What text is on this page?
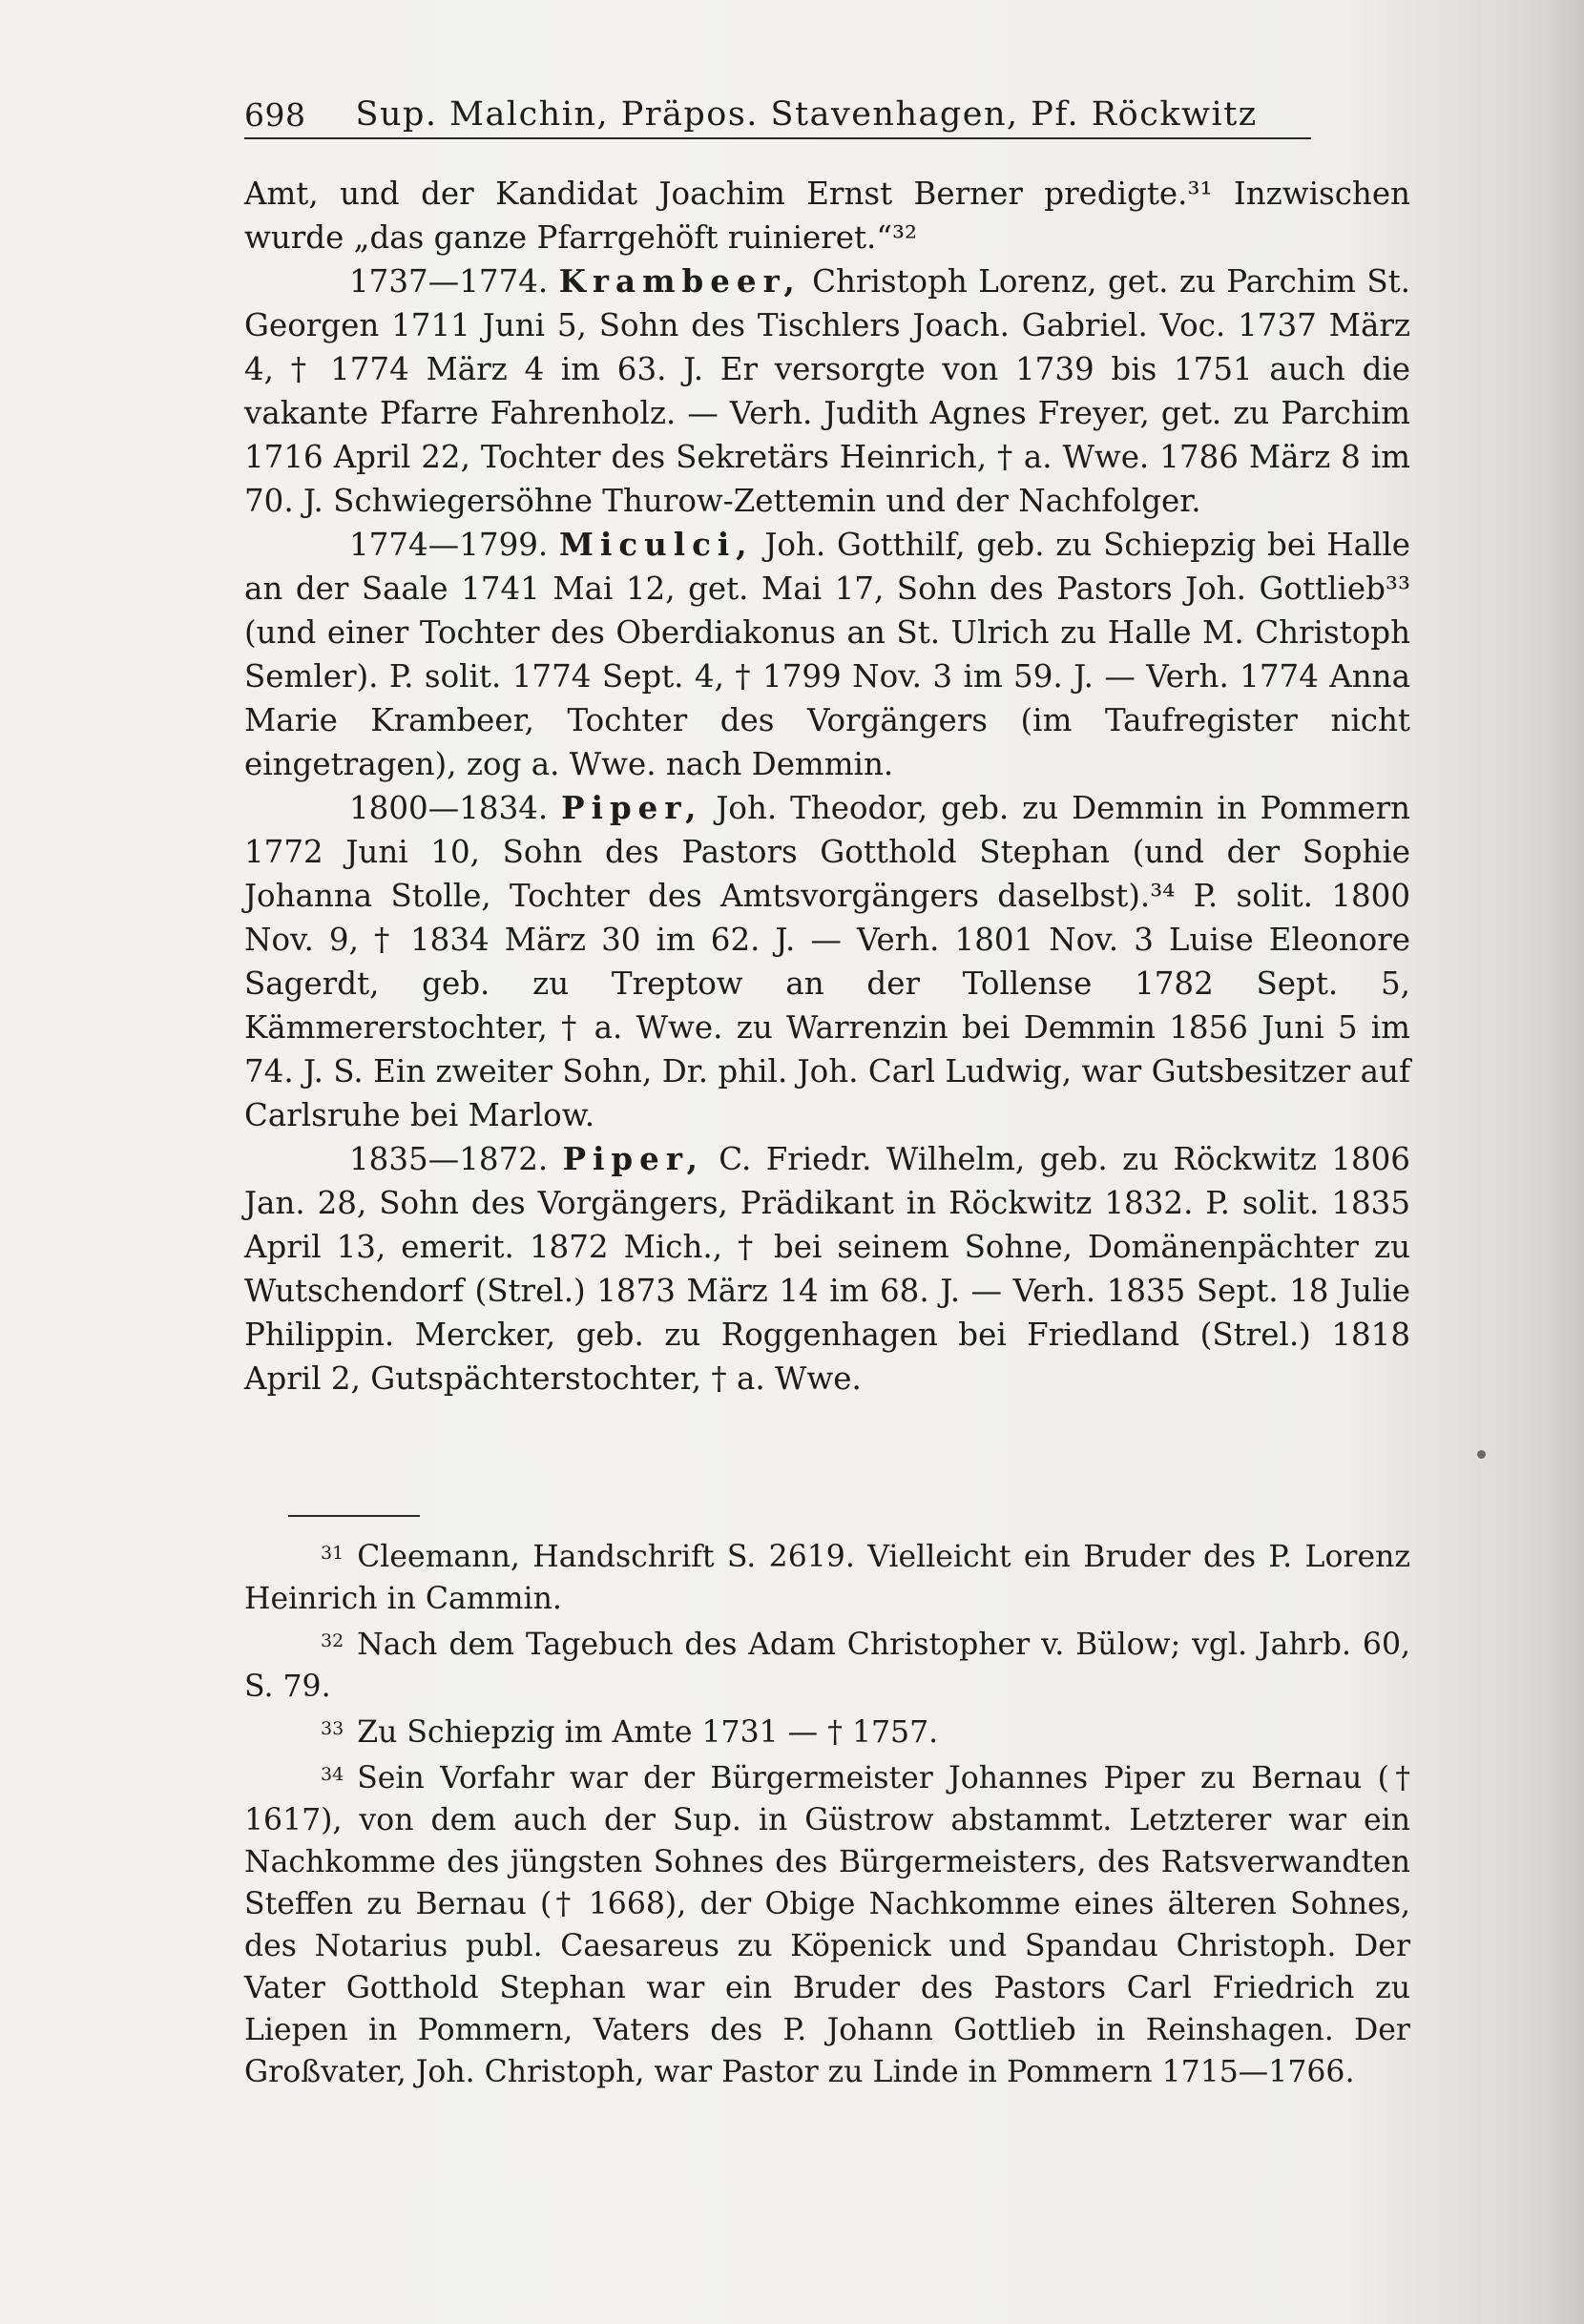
698 Sup. Malchin, Präpos. Stavenhagen, Pf. Röckwitz

Amt, und der Kandidat Joachim Ernst Berner predigte.³¹ Inzwischen wurde „das ganze Pfarrgehöft ruinieret.“³²

1737—1774. Krambeer, Christoph Lorenz, get. zu Parchim St. Georgen 1711 Juni 5, Sohn des Tischlers Joach. Gabriel. Voc. 1737 März 4, † 1774 März 4 im 63. J. Er versorgte von 1739 bis 1751 auch die vakante Pfarre Fahrenholz. — Verh. Judith Agnes Freyer, get. zu Parchim 1716 April 22, Tochter des Sekretärs Heinrich, † a. Wwe. 1786 März 8 im 70. J. Schwiegersöhne Thurow-Zettemin und der Nachfolger.

1774—1799. Miculci, Joh. Gotthilf, geb. zu Schiepzig bei Halle an der Saale 1741 Mai 12, get. Mai 17, Sohn des Pastors Joh. Gottlieb³³ (und einer Tochter des Oberdiakonus an St. Ulrich zu Halle M. Christoph Semler). P. solit. 1774 Sept. 4, † 1799 Nov. 3 im 59. J. — Verh. 1774 Anna Marie Krambeer, Tochter des Vorgängers (im Taufregister nicht eingetragen), zog a. Wwe. nach Demmin.

1800—1834. Piper, Joh. Theodor, geb. zu Demmin in Pommern 1772 Juni 10, Sohn des Pastors Gotthold Stephan (und der Sophie Johanna Stolle, Tochter des Amtsvorgängers daselbst).³⁴ P. solit. 1800 Nov. 9, † 1834 März 30 im 62. J. — Verh. 1801 Nov. 3 Luise Eleonore Sagerdt, geb. zu Treptow an der Tollense 1782 Sept. 5, Kämmererstochter, † a. Wwe. zu Warrenzin bei Demmin 1856 Juni 5 im 74. J. S. Ein zweiter Sohn, Dr. phil. Joh. Carl Ludwig, war Gutsbesitzer auf Carlsruhe bei Marlow.

1835—1872. Piper, C. Friedr. Wilhelm, geb. zu Röckwitz 1806 Jan. 28, Sohn des Vorgängers, Prädikant in Röckwitz 1832. P. solit. 1835 April 13, emerit. 1872 Mich., † bei seinem Sohne, Domänenpächter zu Wutschendorf (Strel.) 1873 März 14 im 68. J. — Verh. 1835 Sept. 18 Julie Philippin. Mercker, geb. zu Roggenhagen bei Friedland (Strel.) 1818 April 2, Gutspächterstochter, † a. Wwe.

$^{31}$ Cleemann, Handschrift S. 2619. Vielleicht ein Bruder des P. Lorenz Heinrich in Cammin.

$^{32}$ Nach dem Tagebuch des Adam Christopher v. Bülow; vgl. Jahrb. 60, S. 79.

$^{33}$ Zu Schiepzig im Amte 1731 — † 1757.

$^{34}$ Sein Vorfahr war der Bürgermeister Johannes Piper zu Bernau († 1617), von dem auch der Sup. in Güstrow abstammt. Letzterer war ein Nachkomme des jüngsten Sohnes des Bürgermeisters, des Ratsverwandten Steffen zu Bernau († 1668), der Obige Nachkomme eines älteren Sohnes, des Notarius publ. Caesareus zu Köpenick und Spandau Christoph. Der Vater Gotthold Stephan war ein Bruder des Pastors Carl Friedrich zu Liepen in Pommern, Vaters des P. Johann Gottlieb in Reinshagen. Der Großvater, Joh. Christoph, war Pastor zu Linde in Pommern 1715—1766.
